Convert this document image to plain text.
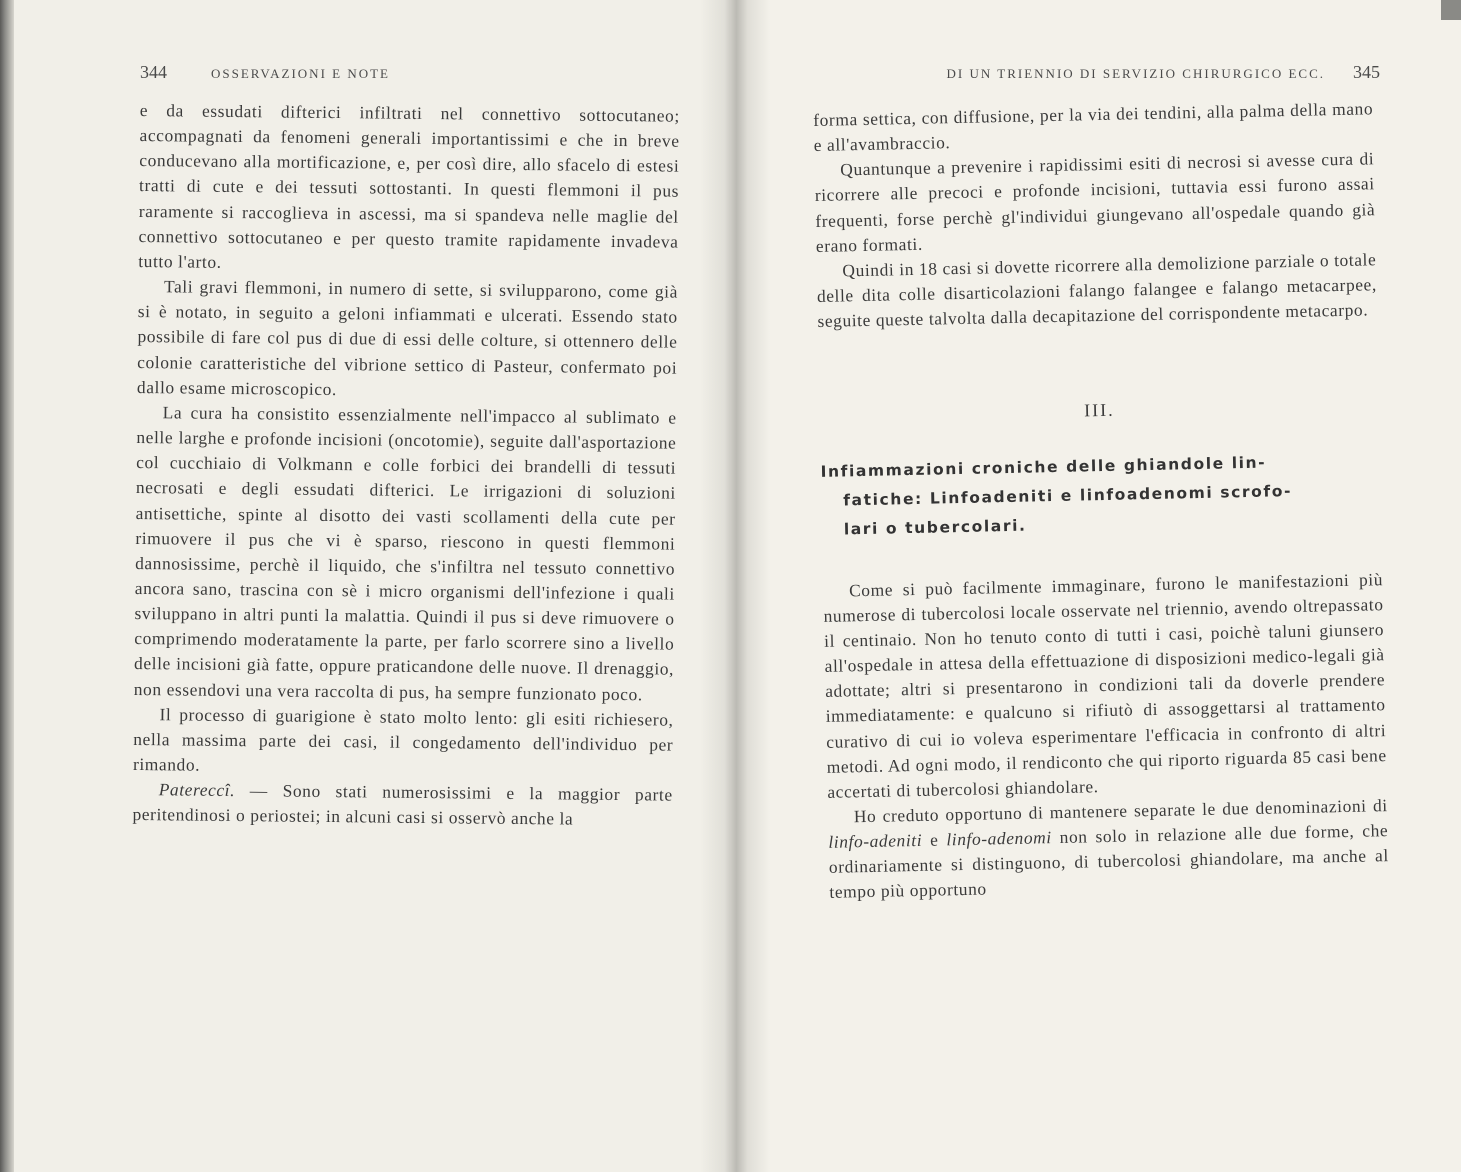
344	OSSERVAZIONI E NOTE

e da essudati difterici infiltrati nel connettivo sottocutaneo; accompagnati da fenomeni generali importantissimi e che in breve conducevano alla mortificazione, e, per così dire, allo sfacelo di estesi tratti di cute e dei tessuti sottostanti. In questi flemmoni il pus raramente si raccoglieva in ascessi, ma si spandeva nelle maglie del connettivo sottocutaneo e per questo tramite rapidamente invadeva tutto l'arto.

Tali gravi flemmoni, in numero di sette, si svilupparono, come già si è notato, in seguito a geloni infiammati e ulcerati. Essendo stato possibile di fare col pus di due di essi delle colture, si ottennero delle colonie caratteristiche del vibrione settico di Pasteur, confermato poi dallo esame microscopico.

La cura ha consistito essenzialmente nell'impacco al sublimato e nelle larghe e profonde incisioni (oncotomie), seguite dall'asportazione col cucchiaio di Volkmann e colle forbici dei brandelli di tessuti necrosati e degli essudati difterici. Le irrigazioni di soluzioni antisettiche, spinte al disotto dei vasti scollamenti della cute per rimuovere il pus che vi è sparso, riescono in questi flemmoni dannosissime, perchè il liquido, che s'infiltra nel tessuto connettivo ancora sano, trascina con sè i micro organismi dell'infezione i quali sviluppano in altri punti la malattia. Quindi il pus si deve rimuovere o comprimendo moderatamente la parte, per farlo scorrere sino a livello delle incisioni già fatte, oppure praticandone delle nuove. Il drenaggio, non essendovi una vera raccolta di pus, ha sempre funzionato poco.

Il processo di guarigione è stato molto lento: gli esiti richiesero, nella massima parte dei casi, il congedamento dell'individuo per rimando.

Patereccî. — Sono stati numerosissimi e la maggior parte peritendinosi o periostei; in alcuni casi si osservò anche la

DI UN TRIENNIO DI SERVIZIO CHIRURGICO ECC. 345

forma settica, con diffusione, per la via dei tendini, alla palma della mano e all'avambraccio.

Quantunque a prevenire i rapidissimi esiti di necrosi si avesse cura di ricorrere alle precoci e profonde incisioni, tuttavia essi furono assai frequenti, forse perchè gl'individui giungevano all'ospedale quando già erano formati.

Quindi in 18 casi si dovette ricorrere alla demolizione parziale o totale delle dita colle disarticolazioni falango falangee e falango metacarpee, seguite queste talvolta dalla decapitazione del corrispondente metacarpo.

III.
Infiammazioni croniche delle ghiandole lin-
fatiche: Linfoadeniti e linfoadenomi scrofo-
lari o tubercolari.

Come si può facilmente immaginare, furono le manifestazioni più numerose di tubercolosi locale osservate nel triennio, avendo oltrepassato il centinaio. Non ho tenuto conto di tutti i casi, poichè taluni giunsero all'ospedale in attesa della effettuazione di disposizioni medico-legali già adottate; altri si presentarono in condizioni tali da doverle prendere immediatamente: e qualcuno si rifiutò di assoggettarsi al trattamento curativo di cui io voleva esperimentare l'efficacia in confronto di altri metodi. Ad ogni modo, il rendiconto che qui riporto riguarda 85 casi bene accertati di tubercolosi ghiandolare.

Ho creduto opportuno di mantenere separate le due denominazioni di linfo-adeniti e linfo-adenomi non solo in relazione alle due forme, che ordinariamente si distinguono, di tubercolosi ghiandolare, ma anche al tempo più opportuno
